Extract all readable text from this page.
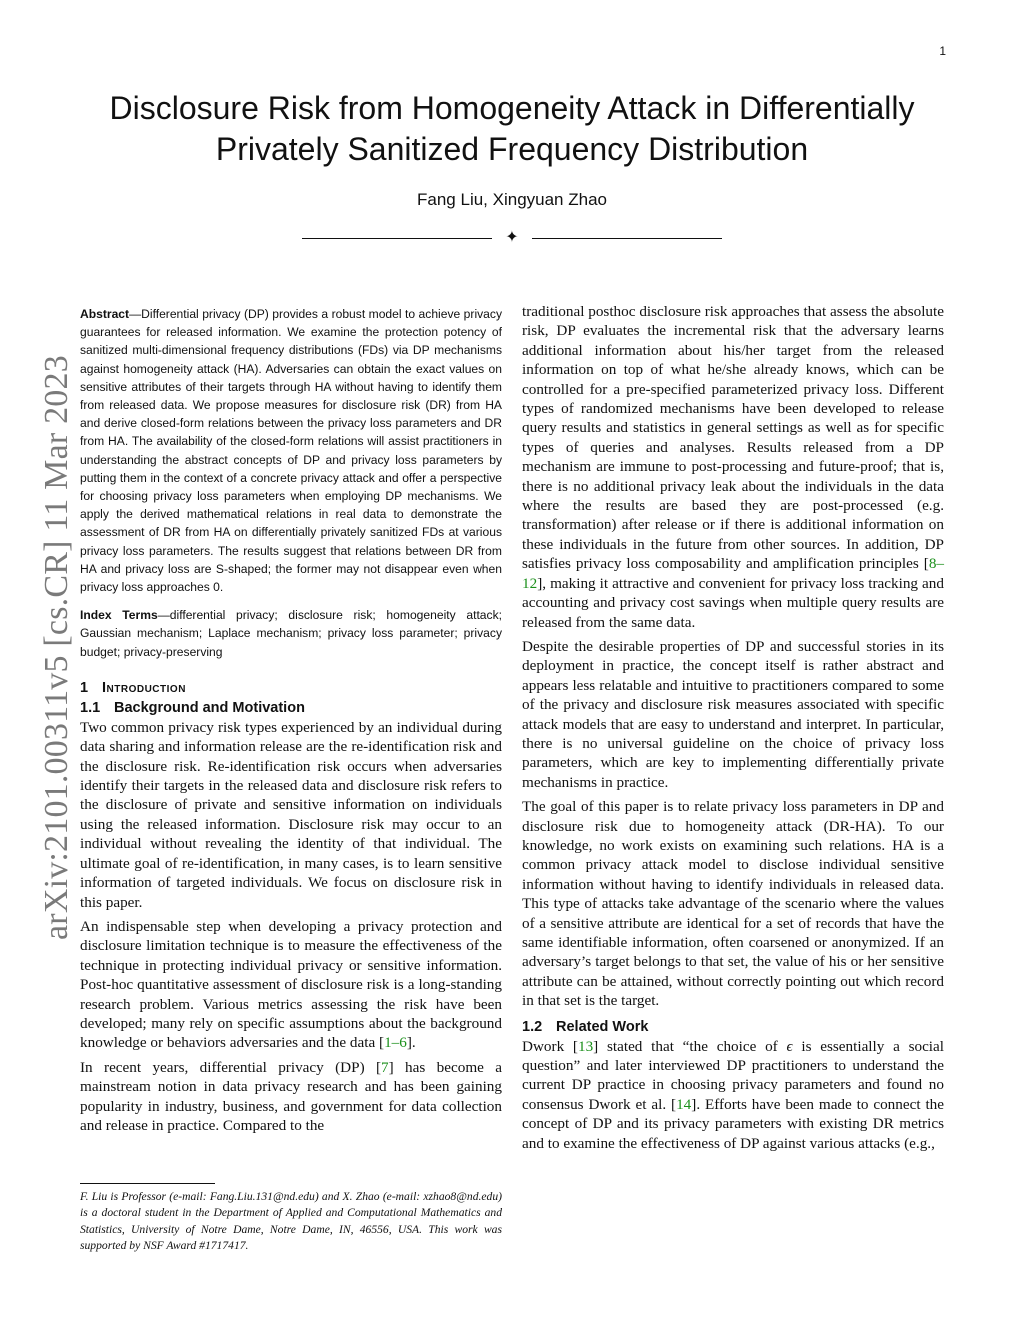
1
arXiv:2101.00311v5 [cs.CR] 11 Mar 2023
Disclosure Risk from Homogeneity Attack in Differentially Privately Sanitized Frequency Distribution
Fang Liu, Xingyuan Zhao
✦

Abstract—Differential privacy (DP) provides a robust model to achieve privacy guarantees for released information. We examine the protection potency of sanitized multi-dimensional frequency distributions (FDs) via DP mechanisms against homogeneity attack (HA). Adversaries can obtain the exact values on sensitive attributes of their targets through HA without having to identify them from released data. We propose measures for disclosure risk (DR) from HA and derive closed-form relations between the privacy loss parameters and DR from HA. The availability of the closed-form relations will assist practitioners in understanding the abstract concepts of DP and privacy loss parameters by putting them in the context of a concrete privacy attack and offer a perspective for choosing privacy loss parameters when employing DP mechanisms. We apply the derived mathematical relations in real data to demonstrate the assessment of DR from HA on differentially privately sanitized FDs at various privacy loss parameters. The results suggest that relations between DR from HA and privacy loss are S-shaped; the former may not disappear even when privacy loss approaches 0.

Index Terms—differential privacy; disclosure risk; homogeneity attack; Gaussian mechanism; Laplace mechanism; privacy loss parameter; privacy budget; privacy-preserving

1 Introduction
1.1 Background and Motivation

Two common privacy risk types experienced by an individual during data sharing and information release are the re-identification risk and the disclosure risk. Re-identification risk occurs when adversaries identify their targets in the released data and disclosure risk refers to the disclosure of private and sensitive information on individuals using the released information. Disclosure risk may occur to an individual without revealing the identity of that individual. The ultimate goal of re-identification, in many cases, is to learn sensitive information of targeted individuals. We focus on disclosure risk in this paper.

An indispensable step when developing a privacy protection and disclosure limitation technique is to measure the effectiveness of the technique in protecting individual privacy or sensitive information. Post-hoc quantitative assessment of disclosure risk is a long-standing research problem. Various metrics assessing the risk have been developed; many rely on specific assumptions about the background knowledge or behaviors adversaries and the data [1–6].

In recent years, differential privacy (DP) [7] has become a mainstream notion in data privacy research and has been gaining popularity in industry, business, and government for data collection and release in practice. Compared to the

F. Liu is Professor (e-mail: Fang.Liu.131@nd.edu) and X. Zhao (e-mail: xzhao8@nd.edu) is a doctoral student in the Department of Applied and Computational Mathematics and Statistics, University of Notre Dame, Notre Dame, IN, 46556, USA. This work was supported by NSF Award #1717417.

traditional posthoc disclosure risk approaches that assess the absolute risk, DP evaluates the incremental risk that the adversary learns additional information about his/her target from the released information on top of what he/she already knows, which can be controlled for a pre-specified parameterized privacy loss. Different types of randomized mechanisms have been developed to release query results and statistics in general settings as well as for specific types of queries and analyses. Results released from a DP mechanism are immune to post-processing and future-proof; that is, there is no additional privacy leak about the individuals in the data where the results are based they are post-processed (e.g. transformation) after release or if there is additional information on these individuals in the future from other sources. In addition, DP satisfies privacy loss composability and amplification principles [8–12], making it attractive and convenient for privacy loss tracking and accounting and privacy cost savings when multiple query results are released from the same data.

Despite the desirable properties of DP and successful stories in its deployment in practice, the concept itself is rather abstract and appears less relatable and intuitive to practitioners compared to some of the privacy and disclosure risk measures associated with specific attack models that are easy to understand and interpret. In particular, there is no universal guideline on the choice of privacy loss parameters, which are key to implementing differentially private mechanisms in practice.

The goal of this paper is to relate privacy loss parameters in DP and disclosure risk due to homogeneity attack (DR-HA). To our knowledge, no work exists on examining such relations. HA is a common privacy attack model to disclose individual sensitive information without having to identify individuals in released data. This type of attacks take advantage of the scenario where the values of a sensitive attribute are identical for a set of records that have the same identifiable information, often coarsened or anonymized. If an adversary’s target belongs to that set, the value of his or her sensitive attribute can be attained, without correctly pointing out which record in that set is the target.

1.2 Related Work

Dwork [13] stated that “the choice of ϵ is essentially a social question” and later interviewed DP practitioners to understand the current DP practice in choosing privacy parameters and found no consensus Dwork et al. [14]. Efforts have been made to connect the concept of DP and its privacy parameters with existing DR metrics and to examine the effectiveness of DP against various attacks (e.g.,
